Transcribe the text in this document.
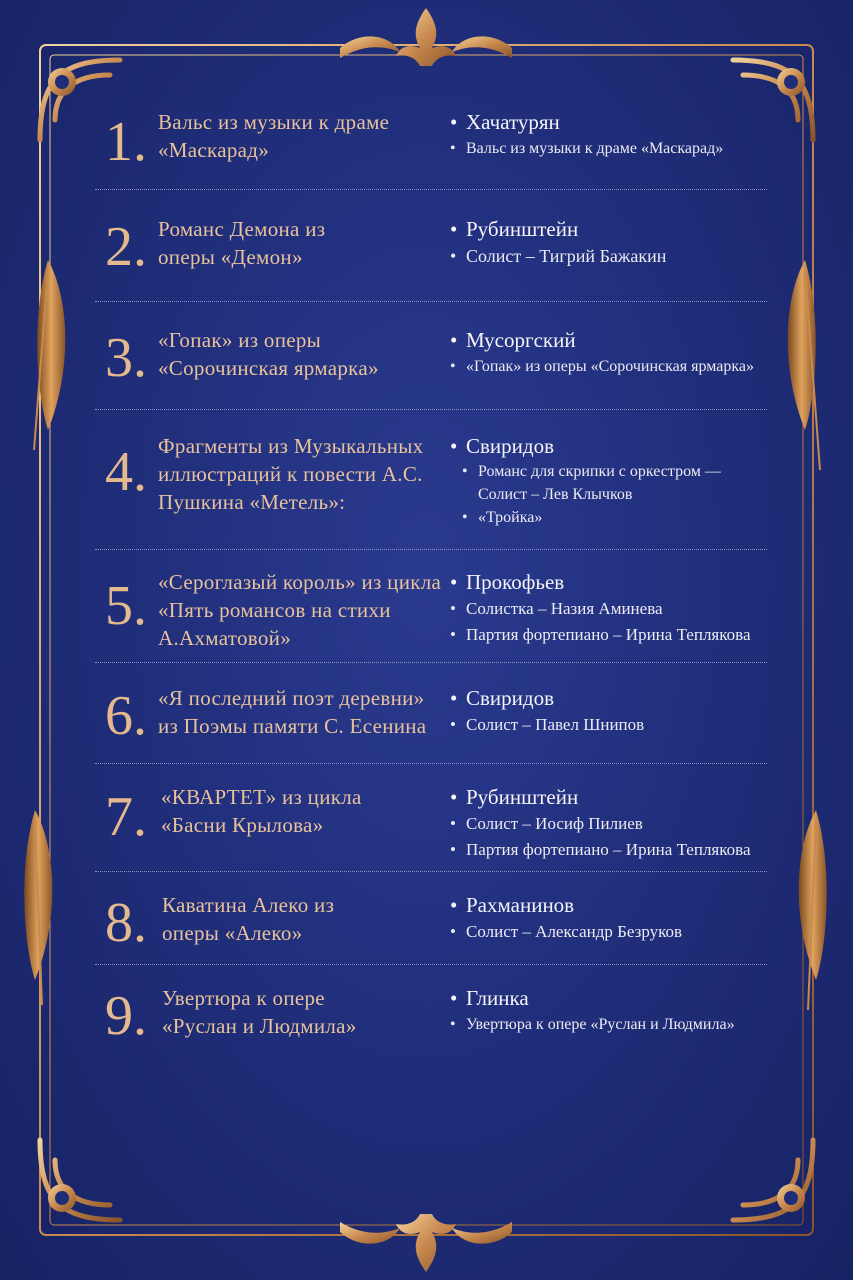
1. Вальс из музыки к драме «Маскарад»
• Хачатурян
• Вальс из музыки к драме «Маскарад»
2. Романс Демона из оперы «Демон»
• Рубинштейн
• Солист – Тигрий Бажакин
3. «Гопак» из оперы «Сорочинская ярмарка»
• Мусоргский
• «Гопак» из оперы «Сорочинская ярмарка»
4. Фрагменты из Музыкальных иллюстраций к повести А.С. Пушкина «Метель»:
• Свиридов
• Романс для скрипки с оркестром —
Солист – Лев Клычков
• «Тройка»
5. «Сероглазый король» из цикла «Пять романсов на стихи А.Ахматовой»
• Прокофьев
• Солистка – Назия Аминева
• Партия фортепиано – Ирина Теплякова
6. «Я последний поэт деревни» из Поэмы памяти С. Есенина
• Свиридов
• Солист – Павел Шнипов
7. «КВАРТЕТ» из цикла «Басни Крылова»
• Рубинштейн
• Солист – Иосиф Пилиев
• Партия фортепиано – Ирина Теплякова
8. Каватина Алеко из оперы «Алеко»
• Рахманинов
• Солист – Александр Безруков
9. Увертюра к опере «Руслан и Людмила»
• Глинка
• Увертюра к опере «Руслан и Людмила»
